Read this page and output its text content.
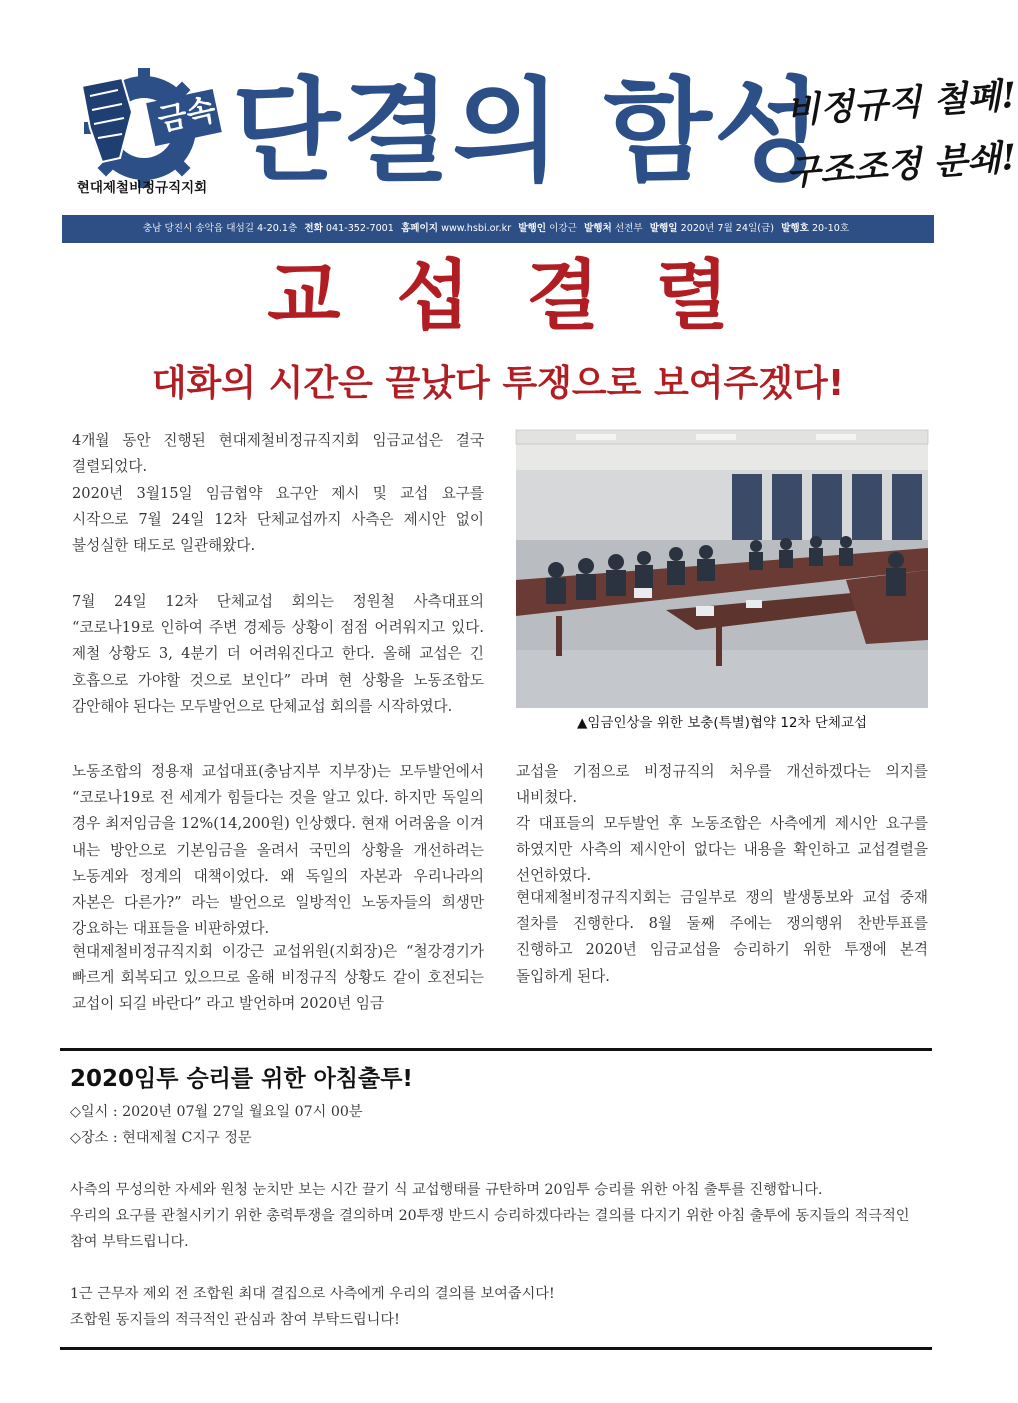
금속
현대제철비정규직지회 단결의 함성
비정규직 철폐!
구조조정 분쇄!
충남 당진시 송악읍 대섬길 4-20.1층 전화 041-352-7001 홈페이지 www.hsbi.or.kr 발행인 이강근 발행처 선전부 발행일 2020년 7월 24일(금) 발행호 20-10호
교섭결렬
대화의 시간은 끝났다 투쟁으로 보여주겠다!
4개월 동안 진행된 현대제철비정규직지회 임금교섭은 결국 결렬되었다.
2020년 3월15일 임금협약 요구안 제시 및 교섭 요구를 시작으로 7월 24일 12차 단체교섭까지 사측은 제시안 없이 불성실한 태도로 일관해왔다.
7월 24일 12차 단체교섭 회의는 정원철 사측대표의 “코로나19로 인하여 주변 경제등 상황이 점점 어려워지고 있다. 제철 상황도 3, 4분기 더 어려워진다고 한다. 올해 교섭은 긴 호흡으로 가야할 것으로 보인다” 라며 현 상황을 노동조합도 감안해야 된다는 모두발언으로 단체교섭 회의를 시작하였다.
노동조합의 정용재 교섭대표(충남지부 지부장)는 모두발언에서 “코로나19로 전 세계가 힘들다는 것을 알고 있다. 하지만 독일의 경우 최저임금을 12%(14,200원) 인상했다. 현재 어려움을 이겨 내는 방안으로 기본임금을 올려서 국민의 상황을 개선하려는 노동계와 정계의 대책이었다. 왜 독일의 자본과 우리나라의 자본은 다른가?” 라는 발언으로 일방적인 노동자들의 희생만 강요하는 대표들을 비판하였다.
현대제철비정규직지회 이강근 교섭위원(지회장)은 “철강경기가 빠르게 회복되고 있으므로 올해 비정규직 상황도 같이 호전되는 교섭이 되길 바란다” 라고 발언하며 2020년 임금
▲임금인상을 위한 보충(특별)협약 12차 단체교섭
교섭을 기점으로 비정규직의 처우를 개선하겠다는 의지를 내비쳤다.
각 대표들의 모두발언 후 노동조합은 사측에게 제시안 요구를 하였지만 사측의 제시안이 없다는 내용을 확인하고 교섭결렬을 선언하였다.
현대제철비정규직지회는 금일부로 쟁의 발생통보와 교섭 중재 절차를 진행한다. 8월 둘째 주에는 쟁의행위 찬반투표를 진행하고 2020년 임금교섭을 승리하기 위한 투쟁에 본격 돌입하게 된다.
2020임투 승리를 위한 아침출투!
◇일시 : 2020년 07월 27일 월요일 07시 00분
◇장소 : 현대제철 C지구 정문
사측의 무성의한 자세와 원청 눈치만 보는 시간 끌기 식 교섭행태를 규탄하며 20임투 승리를 위한 아침 출투를 진행합니다.
우리의 요구를 관철시키기 위한 총력투쟁을 결의하며 20투쟁 반드시 승리하겠다라는 결의를 다지기 위한 아침 출투에 동지들의 적극적인
참여 부탁드립니다.
1근 근무자 제외 전 조합원 최대 결집으로 사측에게 우리의 결의를 보여줍시다!
조합원 동지들의 적극적인 관심과 참여 부탁드립니다!
